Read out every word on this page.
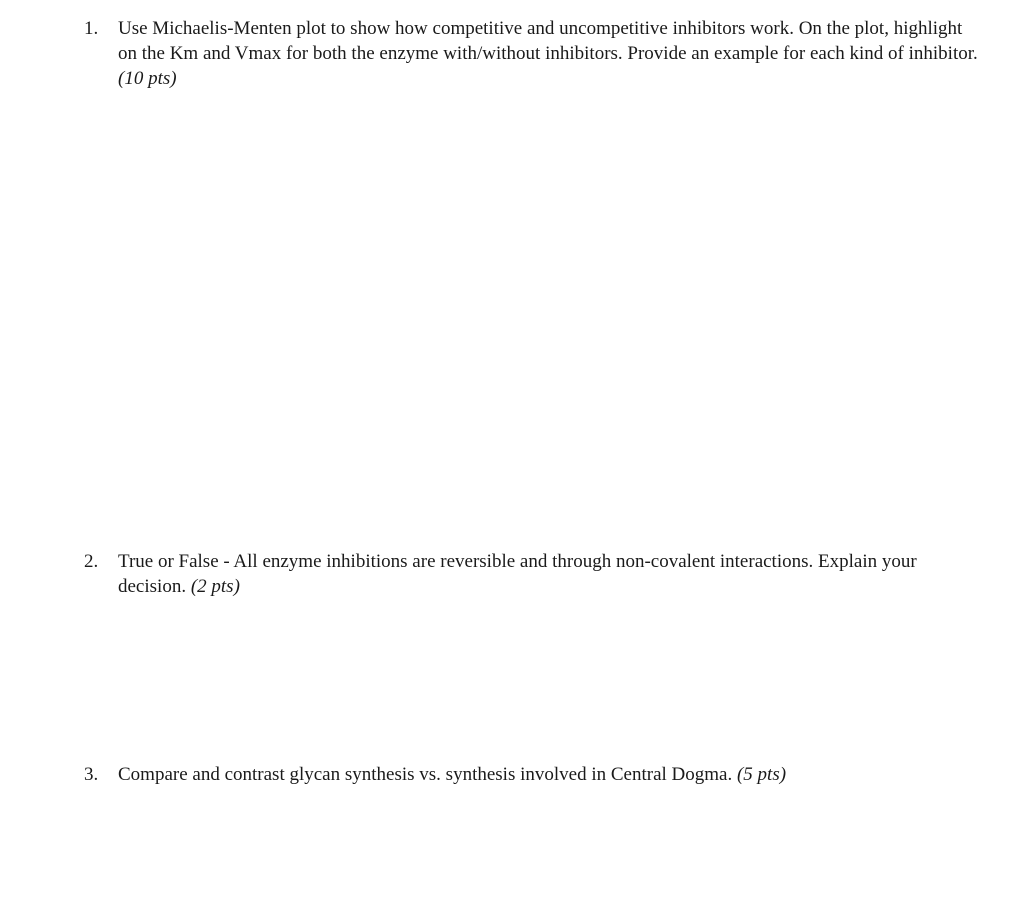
1.	Use Michaelis-Menten plot to show how competitive and uncompetitive inhibitors work. On the plot, highlight on the Km and Vmax for both the enzyme with/without inhibitors. Provide an example for each kind of inhibitor. (10 pts)
2.	True or False - All enzyme inhibitions are reversible and through non-covalent interactions. Explain your decision. (2 pts)
3.	Compare and contrast glycan synthesis vs. synthesis involved in Central Dogma. (5 pts)
